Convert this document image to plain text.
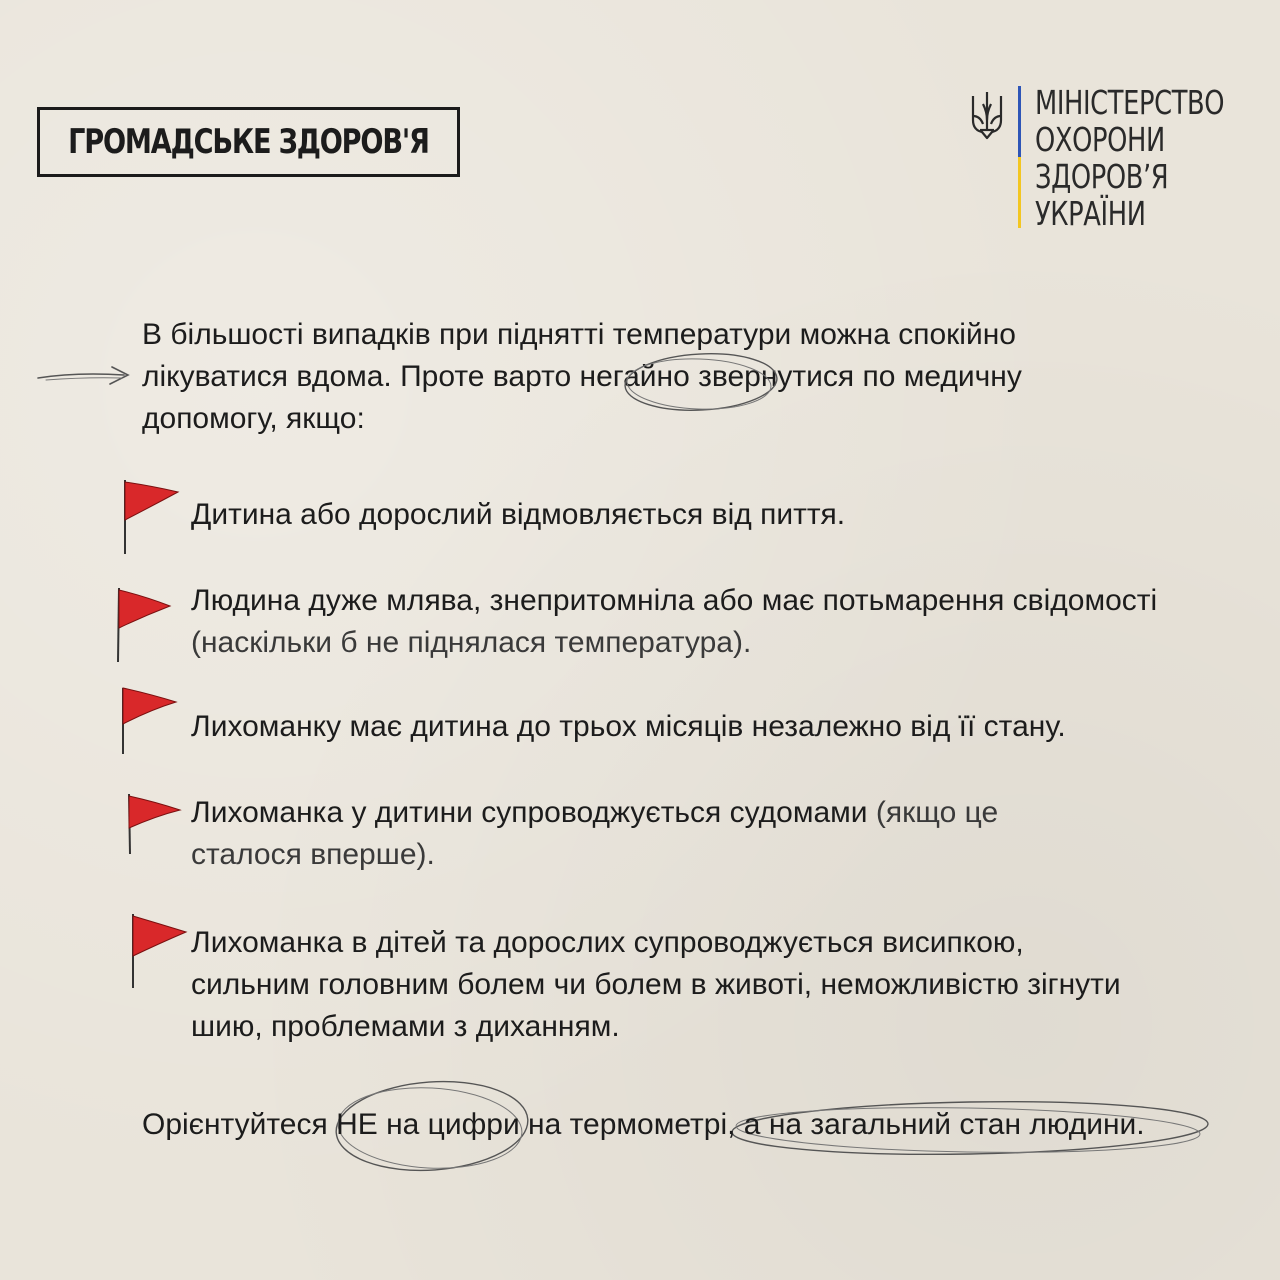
ГРОМАДСЬКЕ ЗДОРОВ'Я
МІНІСТЕРСТВО
ОХОРОНИ
ЗДОРОВ’Я
УКРАЇНИ
В більшості випадків при піднятті температури можна спокійно
лікуватися вдома. Проте варто негайно звернутися по медичну
допомогу, якщо:
Дитина або дорослий відмовляється від пиття.
Людина дуже млява, знепритомніла або має потьмарення свідомості (наскільки б не піднялася температура).
Лихоманку має дитина до трьох місяців незалежно від її стану.
Лихоманка у дитини супроводжується судомами (якщо це сталося вперше).
Лихоманка в дітей та дорослих супроводжується висипкою, сильним головним болем чи болем в животі, неможливістю зігнути шию, проблемами з диханням.
Орієнтуйтеся НЕ на цифри на термометрі, а на загальний стан людини.
